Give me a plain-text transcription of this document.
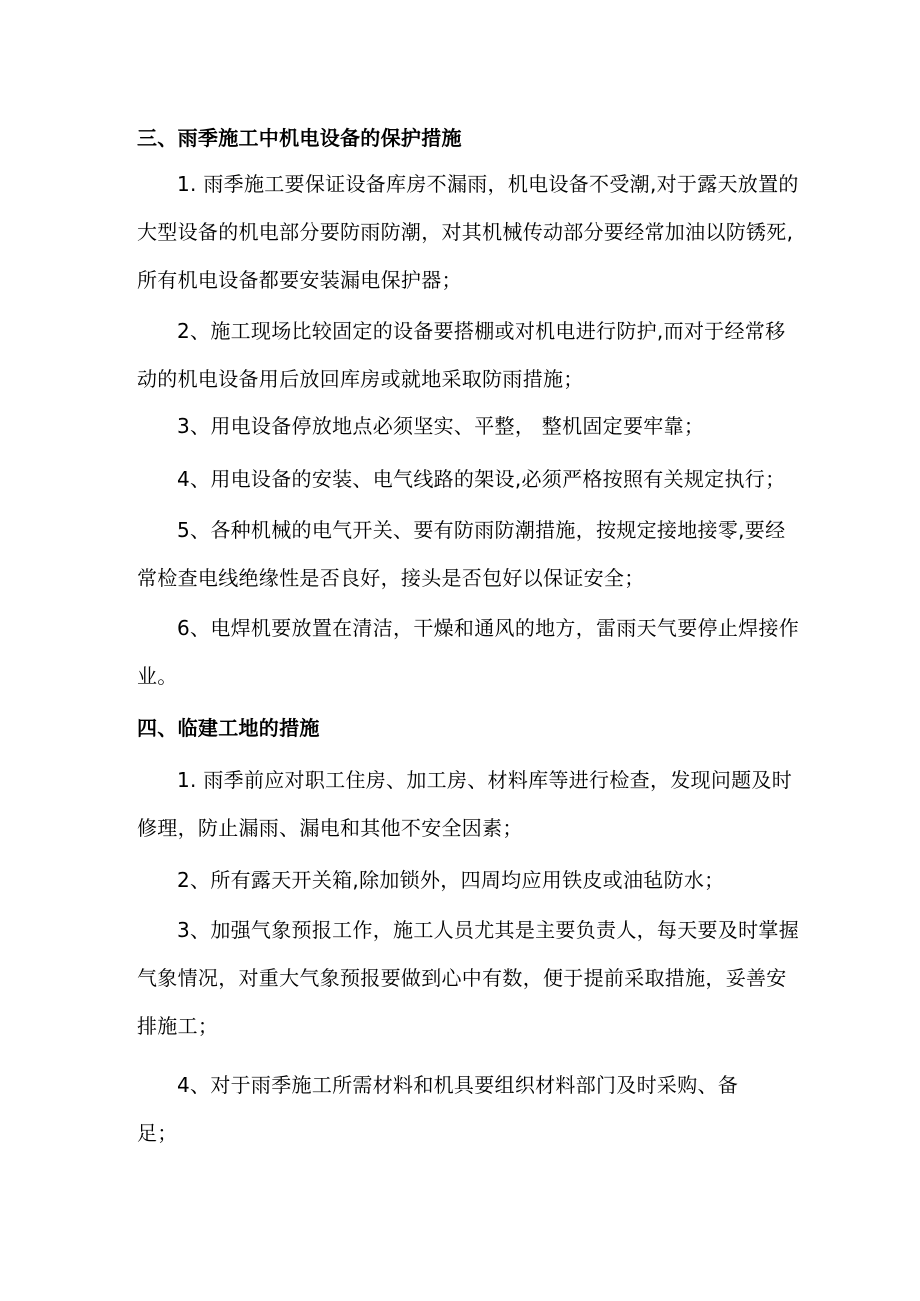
三、雨季施工中机电设备的保护措施

1. 雨季施工要保证设备库房不漏雨，机电设备不受潮,对于露天放置的
大型设备的机电部分要防雨防潮，对其机械传动部分要经常加油以防锈死,
所有机电设备都要安装漏电保护器；

2、施工现场比较固定的设备要搭棚或对机电进行防护,而对于经常移
动的机电设备用后放回库房或就地采取防雨措施；

3、用电设备停放地点必须坚实、平整， 整机固定要牢靠；

4、用电设备的安装、电气线路的架设,必须严格按照有关规定执行；

5、各种机械的电气开关、要有防雨防潮措施，按规定接地接零,要经
常检查电线绝缘性是否良好，接头是否包好以保证安全；

6、电焊机要放置在清洁，干燥和通风的地方，雷雨天气要停止焊接作
业。

四、临建工地的措施

1. 雨季前应对职工住房、加工房、材料库等进行检查，发现问题及时
修理，防止漏雨、漏电和其他不安全因素；

2、所有露天开关箱,除加锁外，四周均应用铁皮或油毡防水；

3、加强气象预报工作，施工人员尤其是主要负责人，每天要及时掌握
气象情况，对重大气象预报要做到心中有数，便于提前采取措施，妥善安
排施工；

4、对于雨季施工所需材料和机具要组织材料部门及时采购、备
足；
